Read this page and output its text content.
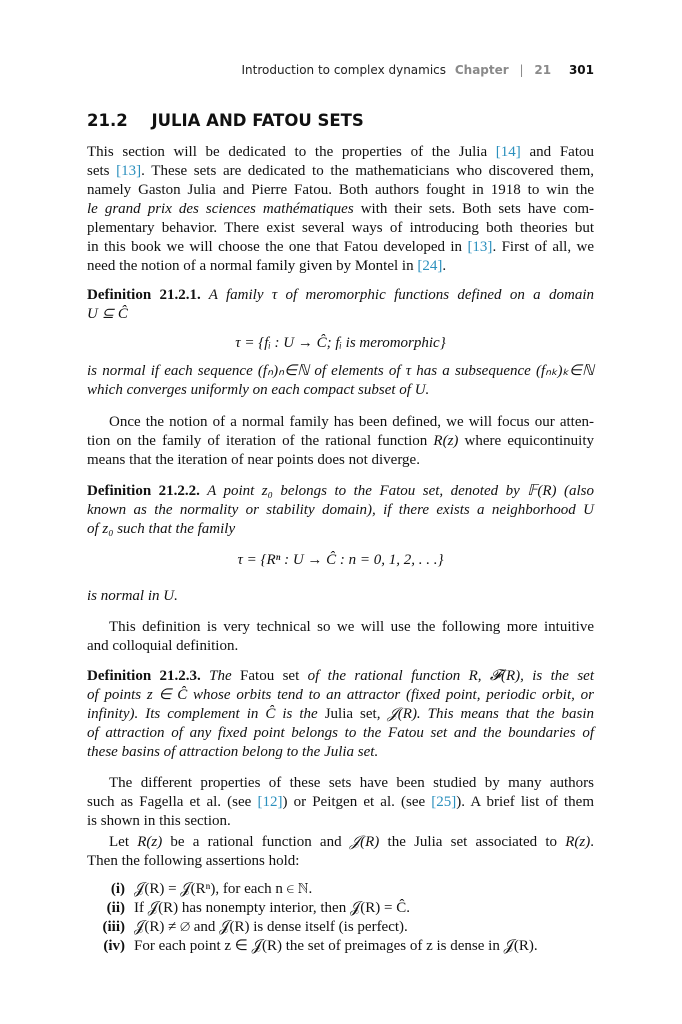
Introduction to complex dynamics Chapter | 21 301
21.2 JULIA AND FATOU SETS
This section will be dedicated to the properties of the Julia [14] and Fatou
sets [13]. These sets are dedicated to the mathematicians who discovered them,
namely Gaston Julia and Pierre Fatou. Both authors fought in 1918 to win the
le grand prix des sciences mathématiques with their sets. Both sets have com-
plementary behavior. There exist several ways of introducing both theories but
in this book we will choose the one that Fatou developed in [13]. First of all, we
need the notion of a normal family given by Montel in [24].
Definition 21.2.1. A family τ of meromorphic functions defined on a domain
U ⊆ Ĉ
τ = {fᵢ : U → Ĉ; fᵢ is meromorphic}
is normal if each sequence (fₙ)ₙ∈ℕ of elements of τ has a subsequence (fₙₖ)ₖ∈ℕ
which converges uniformly on each compact subset of U.
Once the notion of a normal family has been defined, we will focus our atten-
tion on the family of iteration of the rational function R(z) where equicontinuity
means that the iteration of near points does not diverge.
Definition 21.2.2. A point z₀ belongs to the Fatou set, denoted by 𝔽(R) (also
known as the normality or stability domain), if there exists a neighborhood U
of z₀ such that the family
τ = {Rⁿ : U → Ĉ : n = 0, 1, 2, . . .}
is normal in U.
This definition is very technical so we will use the following more intuitive
and colloquial definition.
Definition 21.2.3. The Fatou set of the rational function R, 𝓕(R), is the set
of points z ∈ Ĉ whose orbits tend to an attractor (fixed point, periodic orbit, or
infinity). Its complement in Ĉ is the Julia set, 𝒥(R). This means that the basin
of attraction of any fixed point belongs to the Fatou set and the boundaries of
these basins of attraction belong to the Julia set.
The different properties of these sets have been studied by many authors
such as Fagella et al. (see [12]) or Peitgen et al. (see [25]). A brief list of them
is shown in this section.
Let R(z) be a rational function and 𝒥(R) the Julia set associated to R(z).
Then the following assertions hold:
(i) 𝒥(R) = 𝒥(Rⁿ), for each n ∈ ℕ.
(ii) If 𝒥(R) has nonempty interior, then 𝒥(R) = Ĉ.
(iii) 𝒥(R) ≠ ∅ and 𝒥(R) is dense itself (is perfect).
(iv) For each point z ∈ 𝒥(R) the set of preimages of z is dense in 𝒥(R).
